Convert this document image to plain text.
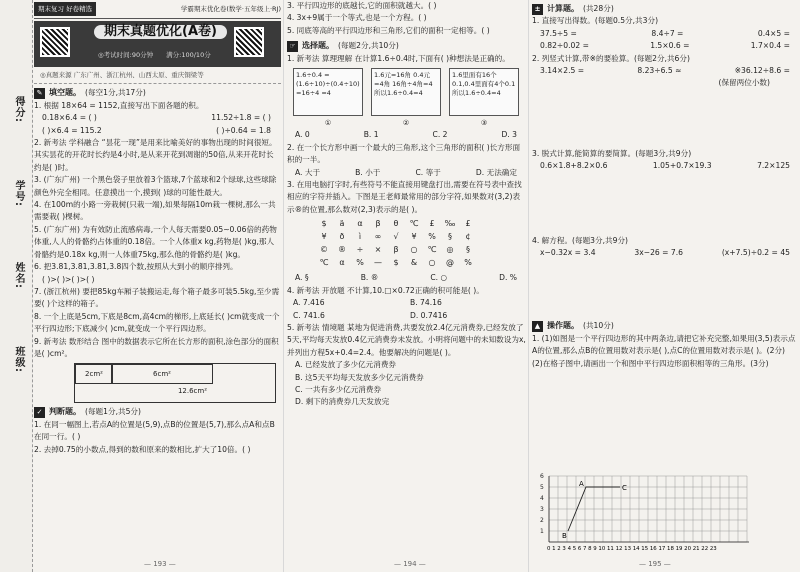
得分:
学号:
姓名:
班级:
期末复习 好卷精选	学霸期末优化卷(数学·五年级上·RJ)
期末真题优化(A卷)
◎考试时间:90分钟　　 满分:100/10分
◎真题来源 广东广州、浙江杭州、山西太原、重庆铜梁等
✎ 填空题。 (每空1分,共17分)
1. 根据 18×64 = 1152,直接写出下面各题的积。
0.18×6.4 = ( )	11.52÷1.8 = ( )
( )×6.4 = 115.2	( )÷0.64 = 1.8
2. 新考法 学科融合 “昙花一现”是用来比喻美好的事物出现的时间很短。其实昙花的开花时长约是4小时,是从来开花到凋谢的50倍,从来开花时长约是( )时。
3. (广东广州) 一个黑色袋子里放着3个篮球,7个蓝球和2个绿球,这些球除颜色外完全相同。任意摸出一个,摸到( )球的可能性最大。
4. 在100m的小路一旁栽树(只栽一端),如果每隔10m栽一棵树,那么一共需要栽( )棵树。
5. (广东广州) 为有效防止流感病毒,一个人每天需要0.05~0.06倍的药物体重,人人的骨骼约占体重的0.18倍。一个人体重x kg,药物是( )kg,那人骨骼约是0.18x kg,则一人体重75kg,那么他的骨骼约是( )kg。
6. 把3.81,3.8̇1,3.81̇,3.8四个数,按照从大到小的顺序排列。
( )>( )>( )>( )
7. (浙江杭州) 要把85kg车厢子装搬运走,每个箱子最多可装5.5kg,至少需要( )个这样的箱子。
8. 一个上底是5cm,下底是8cm,高4cm的梯形,上底延长( )cm就变成一个平行四边形;下底减少( )cm,就变成一个平行四边形。
9. 新考法 数形结合 图中的数据表示它所在长方形的面积,涂色部分的面积是( )cm²。
2cm²	6cm²
12.6cm²
✓ 判断题。 (每题1分,共5分)
1. 在同一幅图上,若点A的位置是(5,9),点B的位置是(5,7),那么点A和点B在同一行。( )
2. 去掉0.75的小数点,得到的数和原来的数相比,扩大了10倍。( )
— 193 —
3. 平行四边形的底越长,它的面积就越大。( )
4. 3x+9属于一个等式,也是一个方程。( )
5. 同底等高的平行四边形和三角形,它们的面积一定相等。( )
☞ 选择题。 (每题2分,共10分)
1. 新考法 算理理解 在计算1.6÷0.4时,下面有( )种想法是正确的。
1.6÷0.4 =(1.6÷10)÷(0.4÷10) =16÷4 =4
1.6元=16角 0.4元=4角 16角÷4角=4 所以1.6÷0.4=4
1.6里面有16个0.1,0.4里面有4个0.1 所以1.6÷0.4=4
①	②	③
A. 0	B. 1	C. 2	D. 3
2. 在一个长方形中画一个最大的三角形,这个三角形的面积( )长方形面积的一半。
A. 大于	B. 小于	C. 等于	D. 无法确定
3. 在用电脑打字时,有些符号不能直接用键盘打出,需要在符号表中查找相应的字符并插入。下图是王老师最常用的部分字符,如果数对(3,2)表示®的位置,那么数对(2,3)表示的是( )。
$	ä	α	β	θ	℃	£	‰	£
¥	ð	ì	∞	√	¥	%	§	¢
©	®	÷	×	β	○	℃	◎	§
℃	α	%	—	$	&	○	@	%
A. §	B. ®	C. ○	D. %
4. 新考法 开放题 不计算,10.□×0.72正确的积可能是( )。
A. 7.416	B. 74.16
C. 741.6	D. 0.7416
5. 新考法 情境题 某地为促进消费,共要发放2.4亿元消费券,已经发放了5天,平均每天发放0.4亿元消费券未发放。小明将问题中的未知数设为x,并列出方程5x+0.4=2.4。他要解决的问题是( )。
A. 已经发放了多少亿元消费券
B. 这5天平均每天发放多少亿元消费券
C. 一共有多少亿元消费券
D. 剩下的消费券几天发放完
— 194 —
± 计算题。 (共28分)
1. 直接写出得数。(每题0.5分,共3分)
37.5÷5 =	8.4÷7 =	0.4×5 =
0.82÷0.02 =	1.5×0.6 =	1.7×0.4 =
2. 列竖式计算,带※的要验算。(每题2分,共6分)
3.14×2.5 =	8.23÷6.5 ≈	※36.12÷8.6 =
(保留两位小数)
3. 脱式计算,能简算的要简算。(每题3分,共9分)
0.6×1.8+8.2×0.6	1.05+0.7×19.3	7.2×125
4. 解方程。(每题3分,共9分)
x−0.32x = 3.4	3x−26 = 7.6	(x+7.5)÷0.2 = 45
▲ 操作题。 (共10分)
1. (1)如图是一个平行四边形的其中两条边,请把它补充完整,如果用(3,5)表示点A的位置,那么点B的位置用数对表示是( ),点C的位置用数对表示是( )。(2分)
(2)在格子图中,请画出一个和图中平行四边形面积相等的三角形。(3分)
— 195 —
6
5
4
3
2
1
A	C
B
0 1 2 3 4 5 6 7 8 9 10 11 12 13 14 15 16 17 18 19 20 21 22 23
